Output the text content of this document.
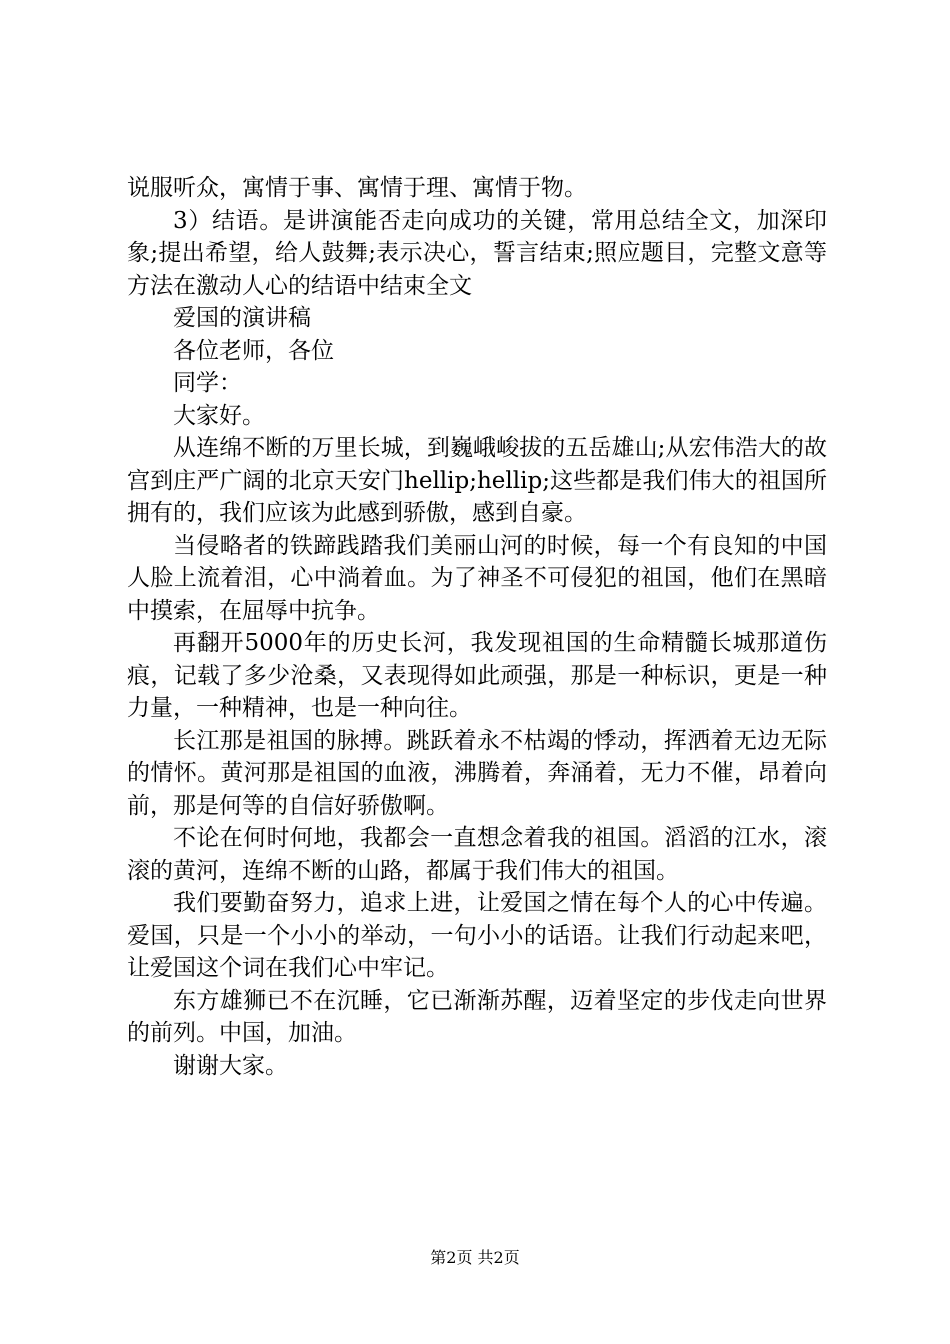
说服听众，寓情于事、寓情于理、寓情于物。

3）结语。是讲演能否走向成功的关键，常用总结全文，加深印象;提出希望，给人鼓舞;表示决心，誓言结束;照应题目，完整文意等方法在激动人心的结语中结束全文

爱国的演讲稿

各位老师，各位

同学：

大家好。

从连绵不断的万里长城，到巍峨峻拔的五岳雄山;从宏伟浩大的故宫到庄严广阔的北京天安门hellip;hellip;这些都是我们伟大的祖国所拥有的，我们应该为此感到骄傲，感到自豪。

当侵略者的铁蹄践踏我们美丽山河的时候，每一个有良知的中国人脸上流着泪，心中淌着血。为了神圣不可侵犯的祖国，他们在黑暗中摸索，在屈辱中抗争。

再翻开5000年的历史长河，我发现祖国的生命精髓长城那道伤痕，记载了多少沧桑，又表现得如此顽强，那是一种标识，更是一种力量，一种精神，也是一种向往。

长江那是祖国的脉搏。跳跃着永不枯竭的悸动，挥洒着无边无际的情怀。黄河那是祖国的血液，沸腾着，奔涌着，无力不催，昂着向前，那是何等的自信好骄傲啊。

不论在何时何地，我都会一直想念着我的祖国。滔滔的江水，滚滚的黄河，连绵不断的山路，都属于我们伟大的祖国。

我们要勤奋努力，追求上进，让爱国之情在每个人的心中传遍。爱国，只是一个小小的举动，一句小小的话语。让我们行动起来吧，让爱国这个词在我们心中牢记。

东方雄狮已不在沉睡，它已渐渐苏醒，迈着坚定的步伐走向世界的前列。中国，加油。

谢谢大家。

第2页 共2页
